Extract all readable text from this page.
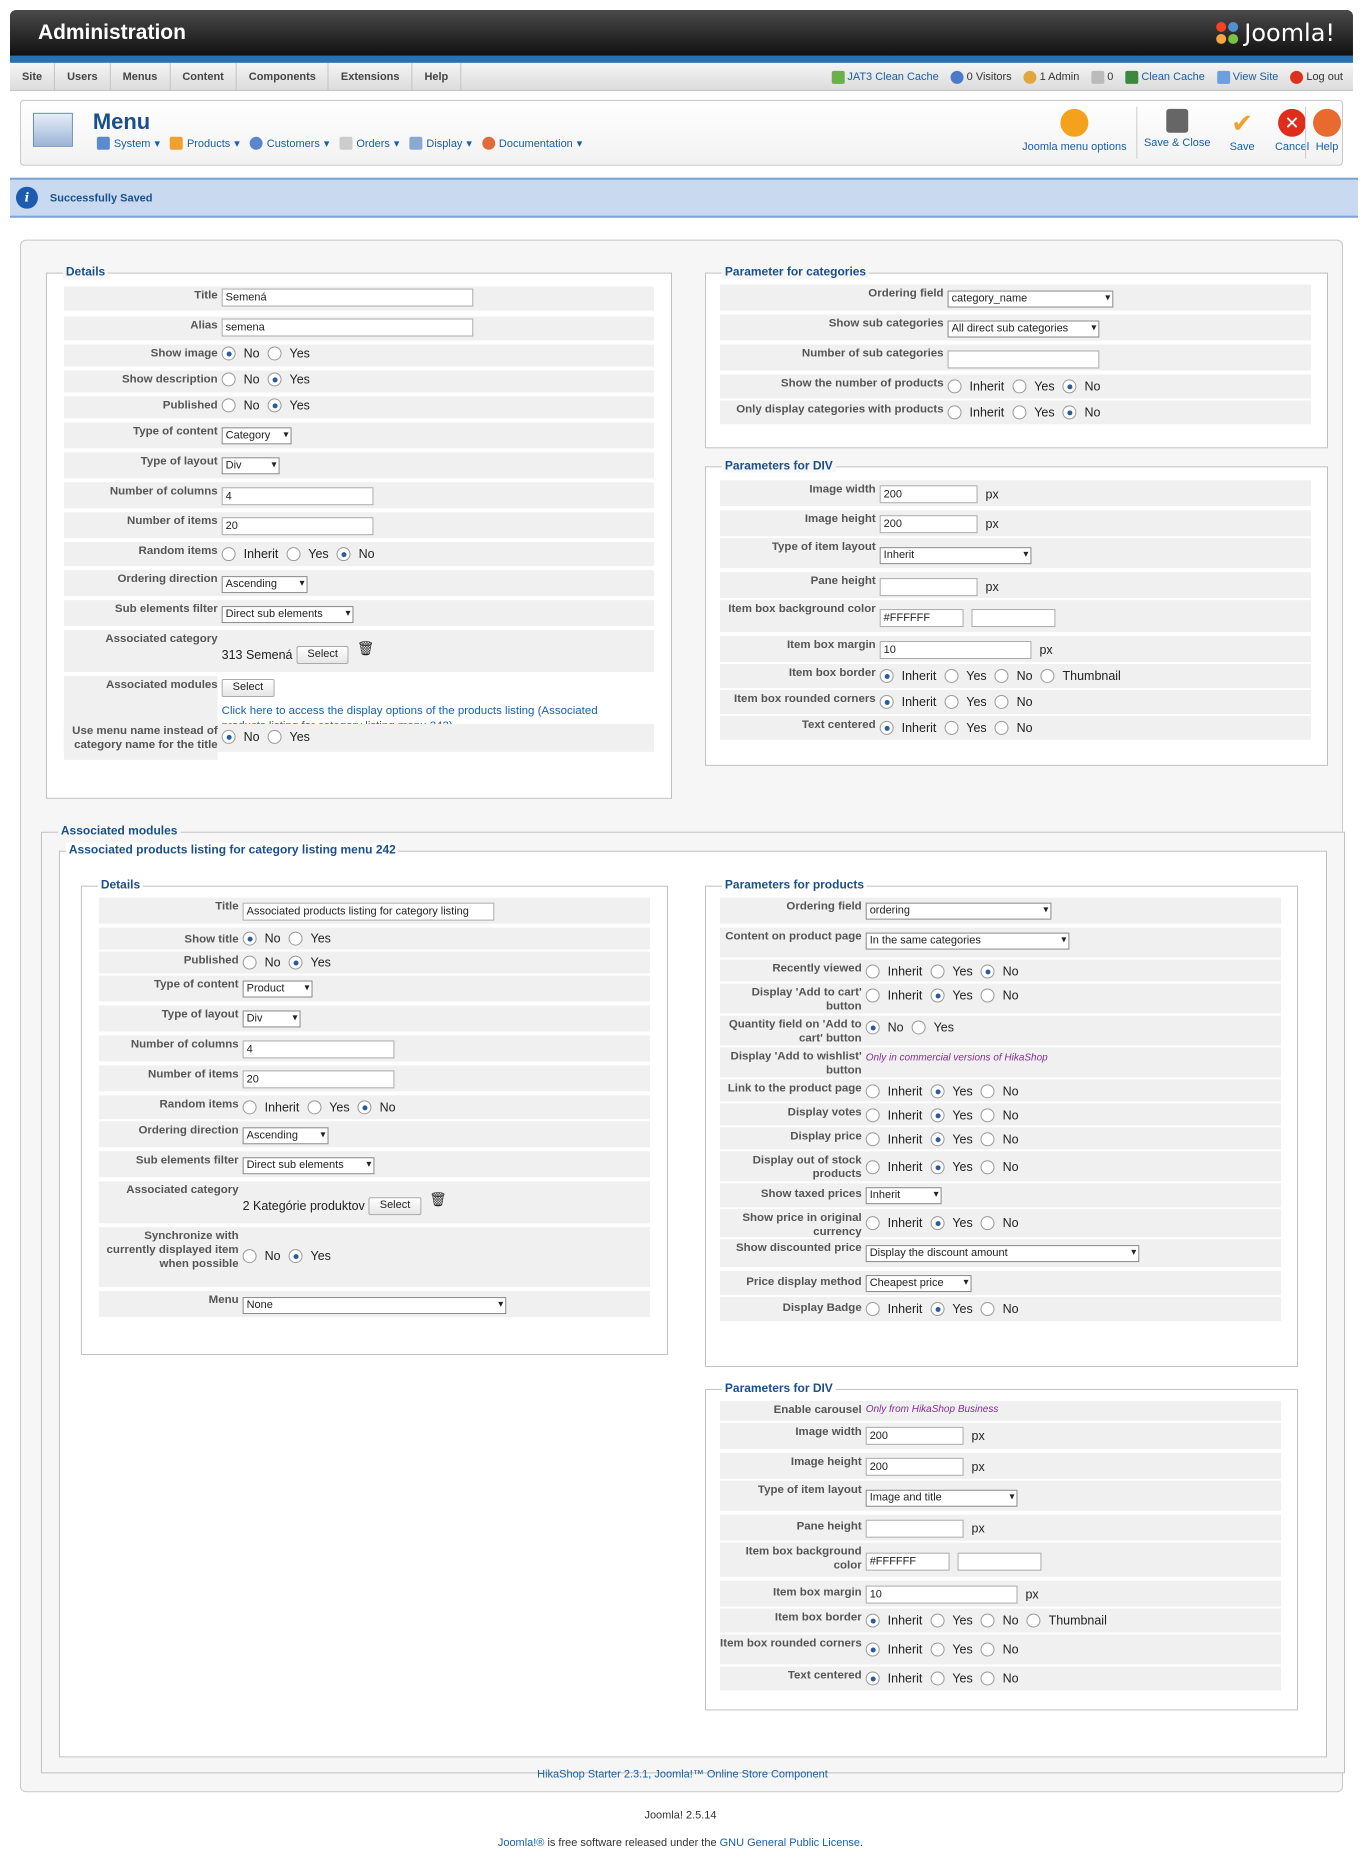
Administration	Joomla!
Site Users Menus Content Components Extensions Help	JAT3 Clean Cache	0 Visitors	1 Admin	0	Clean Cache	View Site	Log out
Menu
System ▾ Products ▾ Customers ▾ Orders ▾ Display ▾ Documentation ▾	Joomla menu options	Save & Close
✔
Save
✕
Cancel Help
i	Successfully Saved
Details
Title Semená
Alias semena
Show image No Yes
Show description No Yes
Published No Yes
Type of content Category ▾
Type of layout Div ▾
Number of columns 4
Number of items 20
Random items Inherit Yes No
Ordering direction Ascending ▾
Sub elements filter Direct sub elements ▾
Associated category
313 Semená	Select	🗑
Associated modules	Select
Click here to access the display options of the products listing (Associated
Use menu name instead of category name for the title
No Yes
Parameter for categories
Ordering field category_name ▾
Show sub categories All direct sub categories ▾
Number of sub categories
Show the number of products Inherit Yes No
Only display categories with products Inherit Yes No
Parameters for DIV
Image width 200	px
Image height 200	px
Type of item layout
Inherit ▾
Pane height	px
Item box background color
#FFFFFF
Item box margin 10	px
Item box border Inherit Yes No Thumbnail
Item box rounded corners Inherit Yes No
Text centered Inherit Yes No
Associated modules
Associated products listing for category listing menu 242
Details
Title Associated products listing for category listing
Show title No Yes
Published No Yes
Type of content Product ▾
Type of layout Div ▾
Number of columns 4
Number of items 20
Random items Inherit Yes No
Ordering direction Ascending ▾
Sub elements filter Direct sub elements ▾
Associated category
2 Kategórie produktov	Select	🗑
Synchronize with currently displayed item when possible
No Yes
Menu None ▾
Parameters for products
Ordering field ordering ▾
Content on product page In the same categories ▾
Recently viewed Inherit Yes No
Display 'Add to cart' button
Inherit Yes No
Quantity field on 'Add to cart' button
No Yes
Display 'Add to wishlist' button
Only in commercial versions of HikaShop
Link to the product page Inherit Yes No
Display votes Inherit Yes No
Display price Inherit Yes No
Display out of stock products Inherit Yes No
Show taxed prices Inherit ▾
Show price in original currency
Inherit Yes No
Show discounted price Display the discount amount ▾
Price display method Cheapest price ▾
Display Badge Inherit Yes No
Parameters for DIV
Enable carousel Only from HikaShop Business
Image width 200	px
Image height 200	px
Type of item layout
Image and title ▾
Pane height	px
Item box background color #FFFFFF
Item box margin 10	px
Item box border Inherit Yes No Thumbnail
Item box rounded corners Inherit Yes No
Text centered Inherit Yes No
HikaShop Starter 2.3.1, Joomla!™ Online Store Component
Joomla! 2.5.14
Joomla!® is free software released under the GNU General Public License.
